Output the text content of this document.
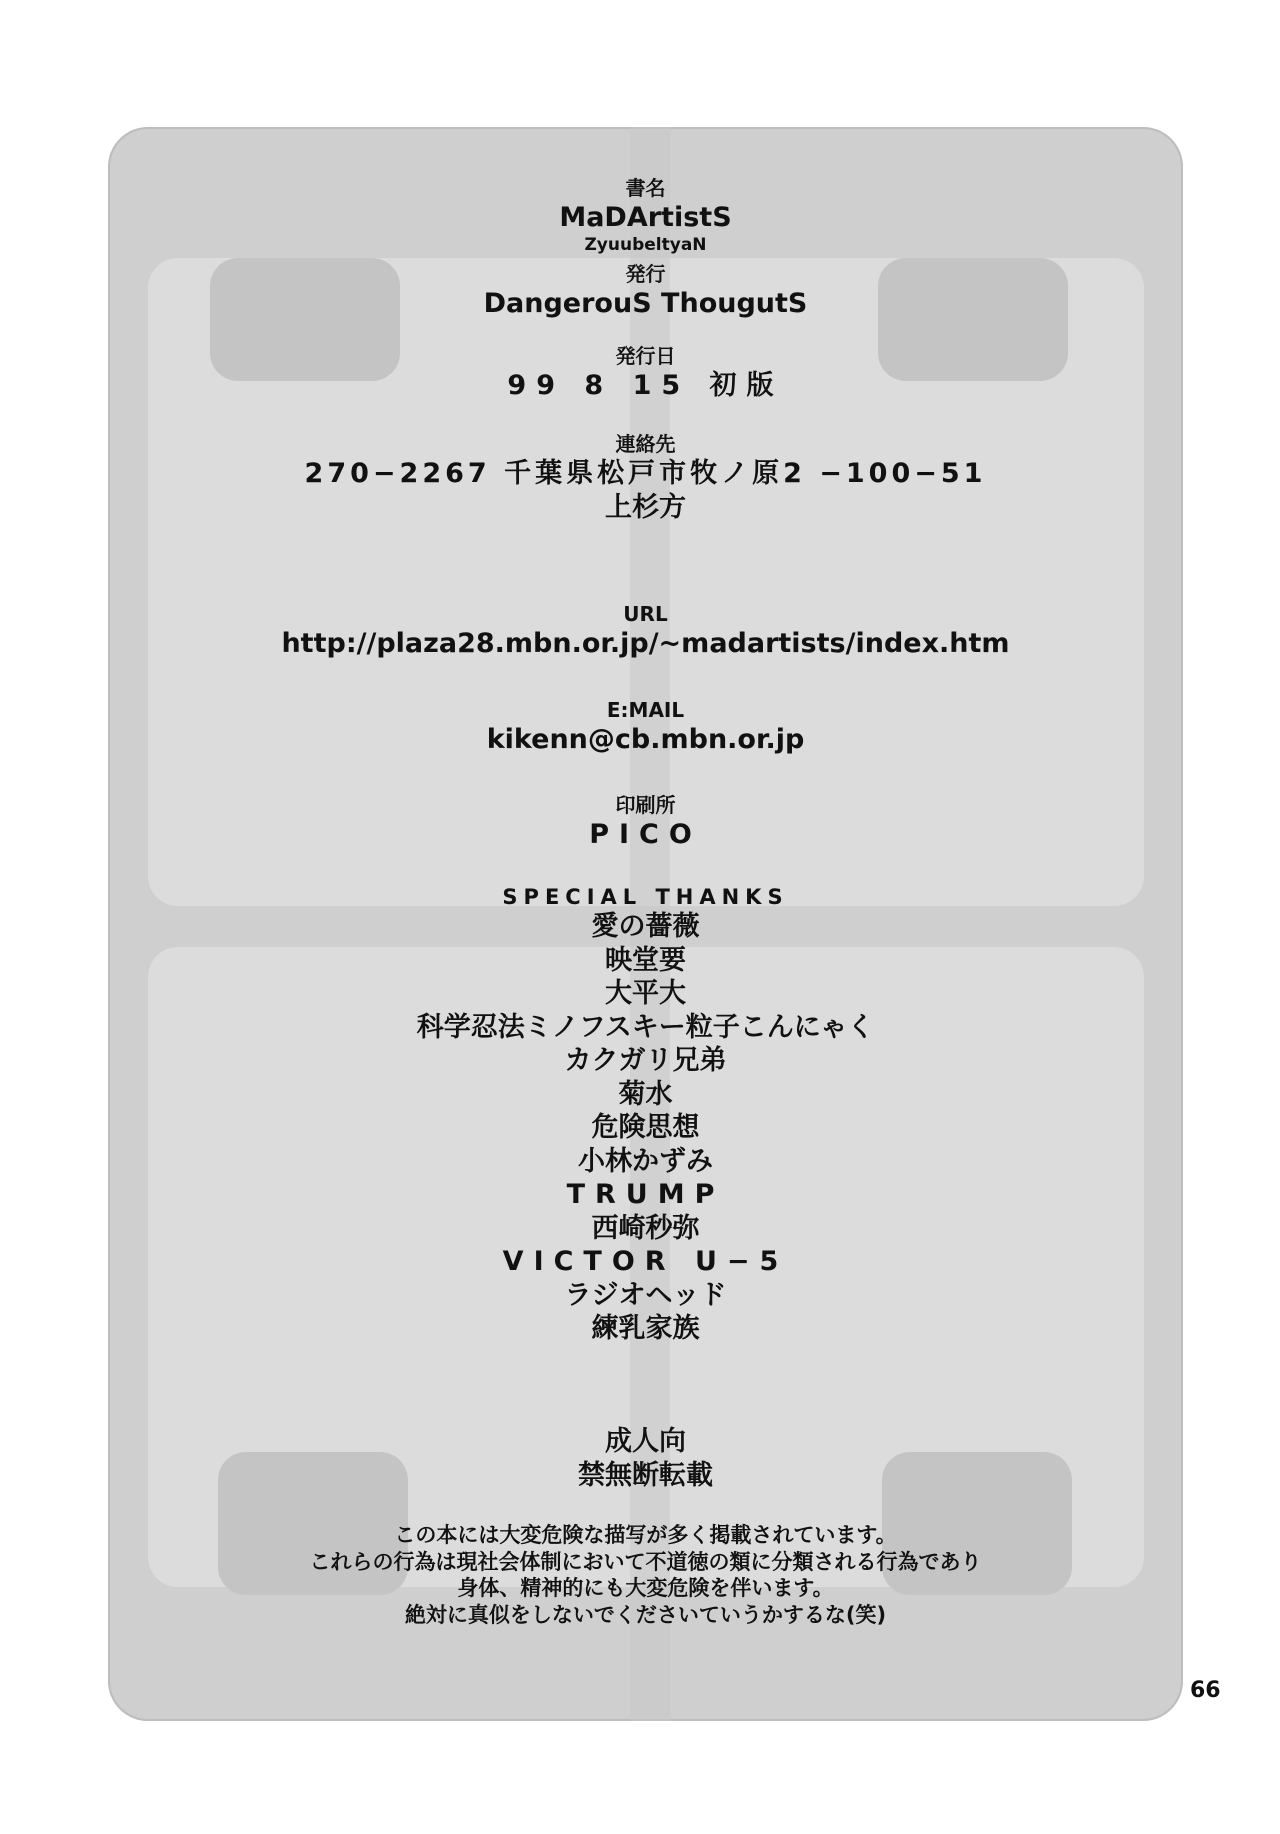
書名

MaDArtistS

ZyuubeltyaN

発行

DangerouS ThougutS

発行日

99 8 15 初版

連絡先

270−2267 千葉県松戸市牧ノ原2 −100−51

上杉方

URL

http://plaza28.mbn.or.jp/~madartists/index.htm

E:MAIL

kikenn@cb.mbn.or.jp

印刷所

PICO

SPECIAL THANKS

愛の薔薇
映堂要
大平大
科学忍法ミノフスキー粒子こんにゃく
カクガリ兄弟
菊水
危険思想
小林かずみ
TRUMP
西崎秒弥
VICTOR U−5
ラジオヘッド
練乳家族

成人向

禁無断転載

この本には大変危険な描写が多く掲載されています。
これらの行為は現社会体制において不道徳の類に分類される行為であり
身体、精神的にも大変危険を伴います。
絶対に真似をしないでくださいていうかするな(笑)
66
